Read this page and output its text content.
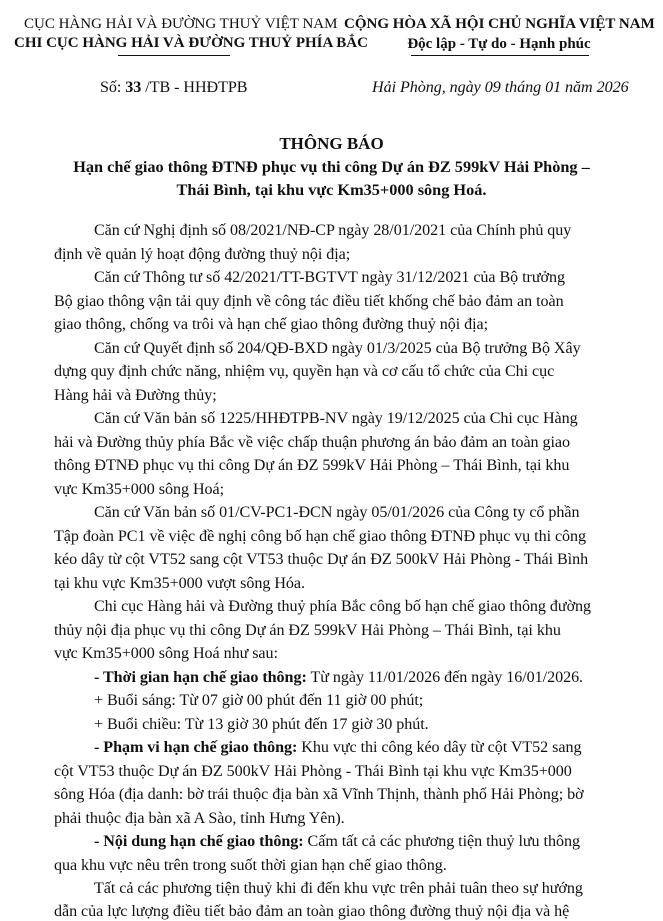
CỤC HÀNG HẢI VÀ ĐƯỜNG THUỶ VIỆT NAM
CHI CỤC HÀNG HẢI VÀ ĐƯỜNG THUỶ PHÍA BẮC
CỘNG HÒA XÃ HỘI CHỦ NGHĨA VIỆT NAM
Độc lập - Tự do - Hạnh phúc
Số: 33 /TB - HHĐTPB	Hải Phòng, ngày 09 tháng 01 năm 2026
THÔNG BÁO
Hạn chế giao thông ĐTNĐ phục vụ thi công Dự án ĐZ 599kV Hải Phòng –
Thái Bình, tại khu vực Km35+000 sông Hoá.
Căn cứ Nghị định số 08/2021/NĐ-CP ngày 28/01/2021 của Chính phủ quy
định về quản lý hoạt động đường thuỷ nội địa;
Căn cứ Thông tư số 42/2021/TT-BGTVT ngày 31/12/2021 của Bộ trưởng
Bộ giao thông vận tải quy định về công tác điều tiết khống chế bảo đảm an toàn
giao thông, chống va trôi và hạn chế giao thông đường thuỷ nội địa;
Căn cứ Quyết định số 204/QĐ-BXD ngày 01/3/2025 của Bộ trưởng Bộ Xây
dựng quy định chức năng, nhiệm vụ, quyền hạn và cơ cấu tổ chức của Chi cục
Hàng hải và Đường thủy;
Căn cứ Văn bản số 1225/HHĐTPB-NV ngày 19/12/2025 của Chi cục Hàng
hải và Đường thủy phía Bắc về việc chấp thuận phương án bảo đảm an toàn giao
thông ĐTNĐ phục vụ thi công Dự án ĐZ 599kV Hải Phòng – Thái Bình, tại khu
vực Km35+000 sông Hoá;
Căn cứ Văn bản số 01/CV-PC1-ĐCN ngày 05/01/2026 của Công ty cổ phần
Tập đoàn PC1 về việc đề nghị công bố hạn chế giao thông ĐTNĐ phục vụ thi công
kéo dây từ cột VT52 sang cột VT53 thuộc Dự án ĐZ 500kV Hải Phòng - Thái Bình
tại khu vực Km35+000 vượt sông Hóa.
Chi cục Hàng hải và Đường thuỷ phía Bắc công bố hạn chế giao thông đường
thủy nội địa phục vụ thi công Dự án ĐZ 599kV Hải Phòng – Thái Bình, tại khu
vực Km35+000 sông Hoá như sau:
- Thời gian hạn chế giao thông: Từ ngày 11/01/2026 đến ngày 16/01/2026.
+ Buổi sáng: Từ 07 giờ 00 phút đến 11 giờ 00 phút;
+ Buổi chiều: Từ 13 giờ 30 phút đến 17 giờ 30 phút.
- Phạm vi hạn chế giao thông: Khu vực thi công kéo dây từ cột VT52 sang
cột VT53 thuộc Dự án ĐZ 500kV Hải Phòng - Thái Bình tại khu vực Km35+000
sông Hóa (địa danh: bờ trái thuộc địa bàn xã Vĩnh Thịnh, thành phố Hải Phòng; bờ
phải thuộc địa bàn xã A Sào, tỉnh Hưng Yên).
- Nội dung hạn chế giao thông: Cấm tất cả các phương tiện thuỷ lưu thông
qua khu vực nêu trên trong suốt thời gian hạn chế giao thông.
Tất cả các phương tiện thuỷ khi đi đến khu vực trên phải tuân theo sự hướng
dẫn của lực lượng điều tiết bảo đảm an toàn giao thông đường thuỷ nội địa và hệ
